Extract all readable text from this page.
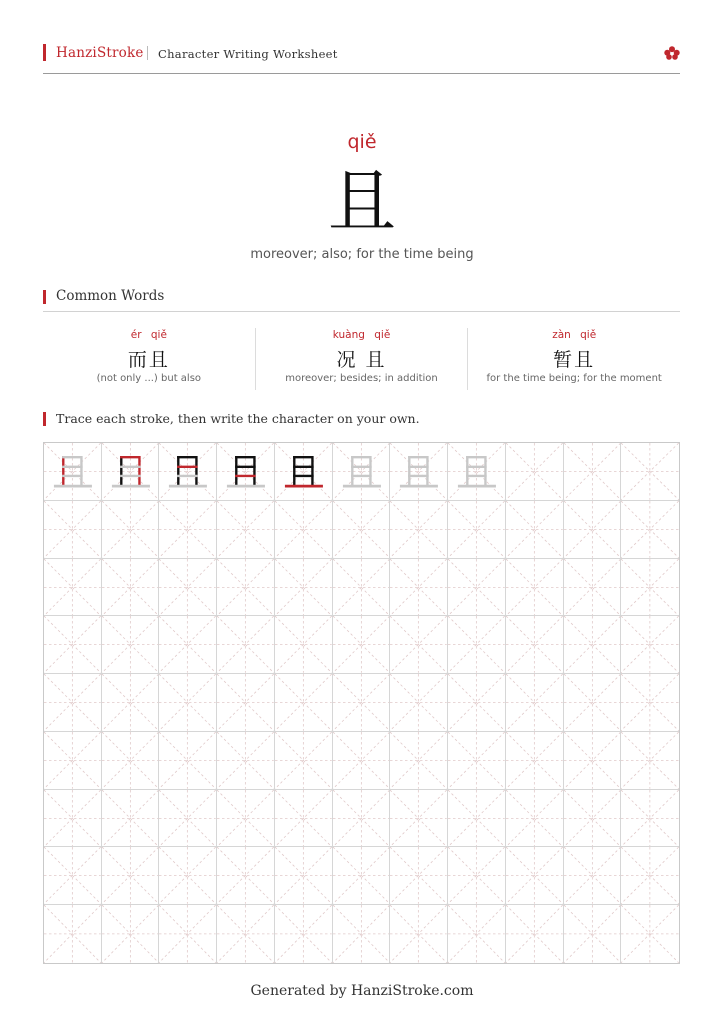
HanziStroke Character Writing Worksheet
qiě
且
moreover; also; for the time being
Common Words
ér qiě
而且
(not only ...) but also
kuàng qiě
况 且
moreover; besides; in addition
zàn qiě
暂且
for the time being; for the moment
Trace each stroke, then write the character on your own.
Generated by HanziStroke.com
